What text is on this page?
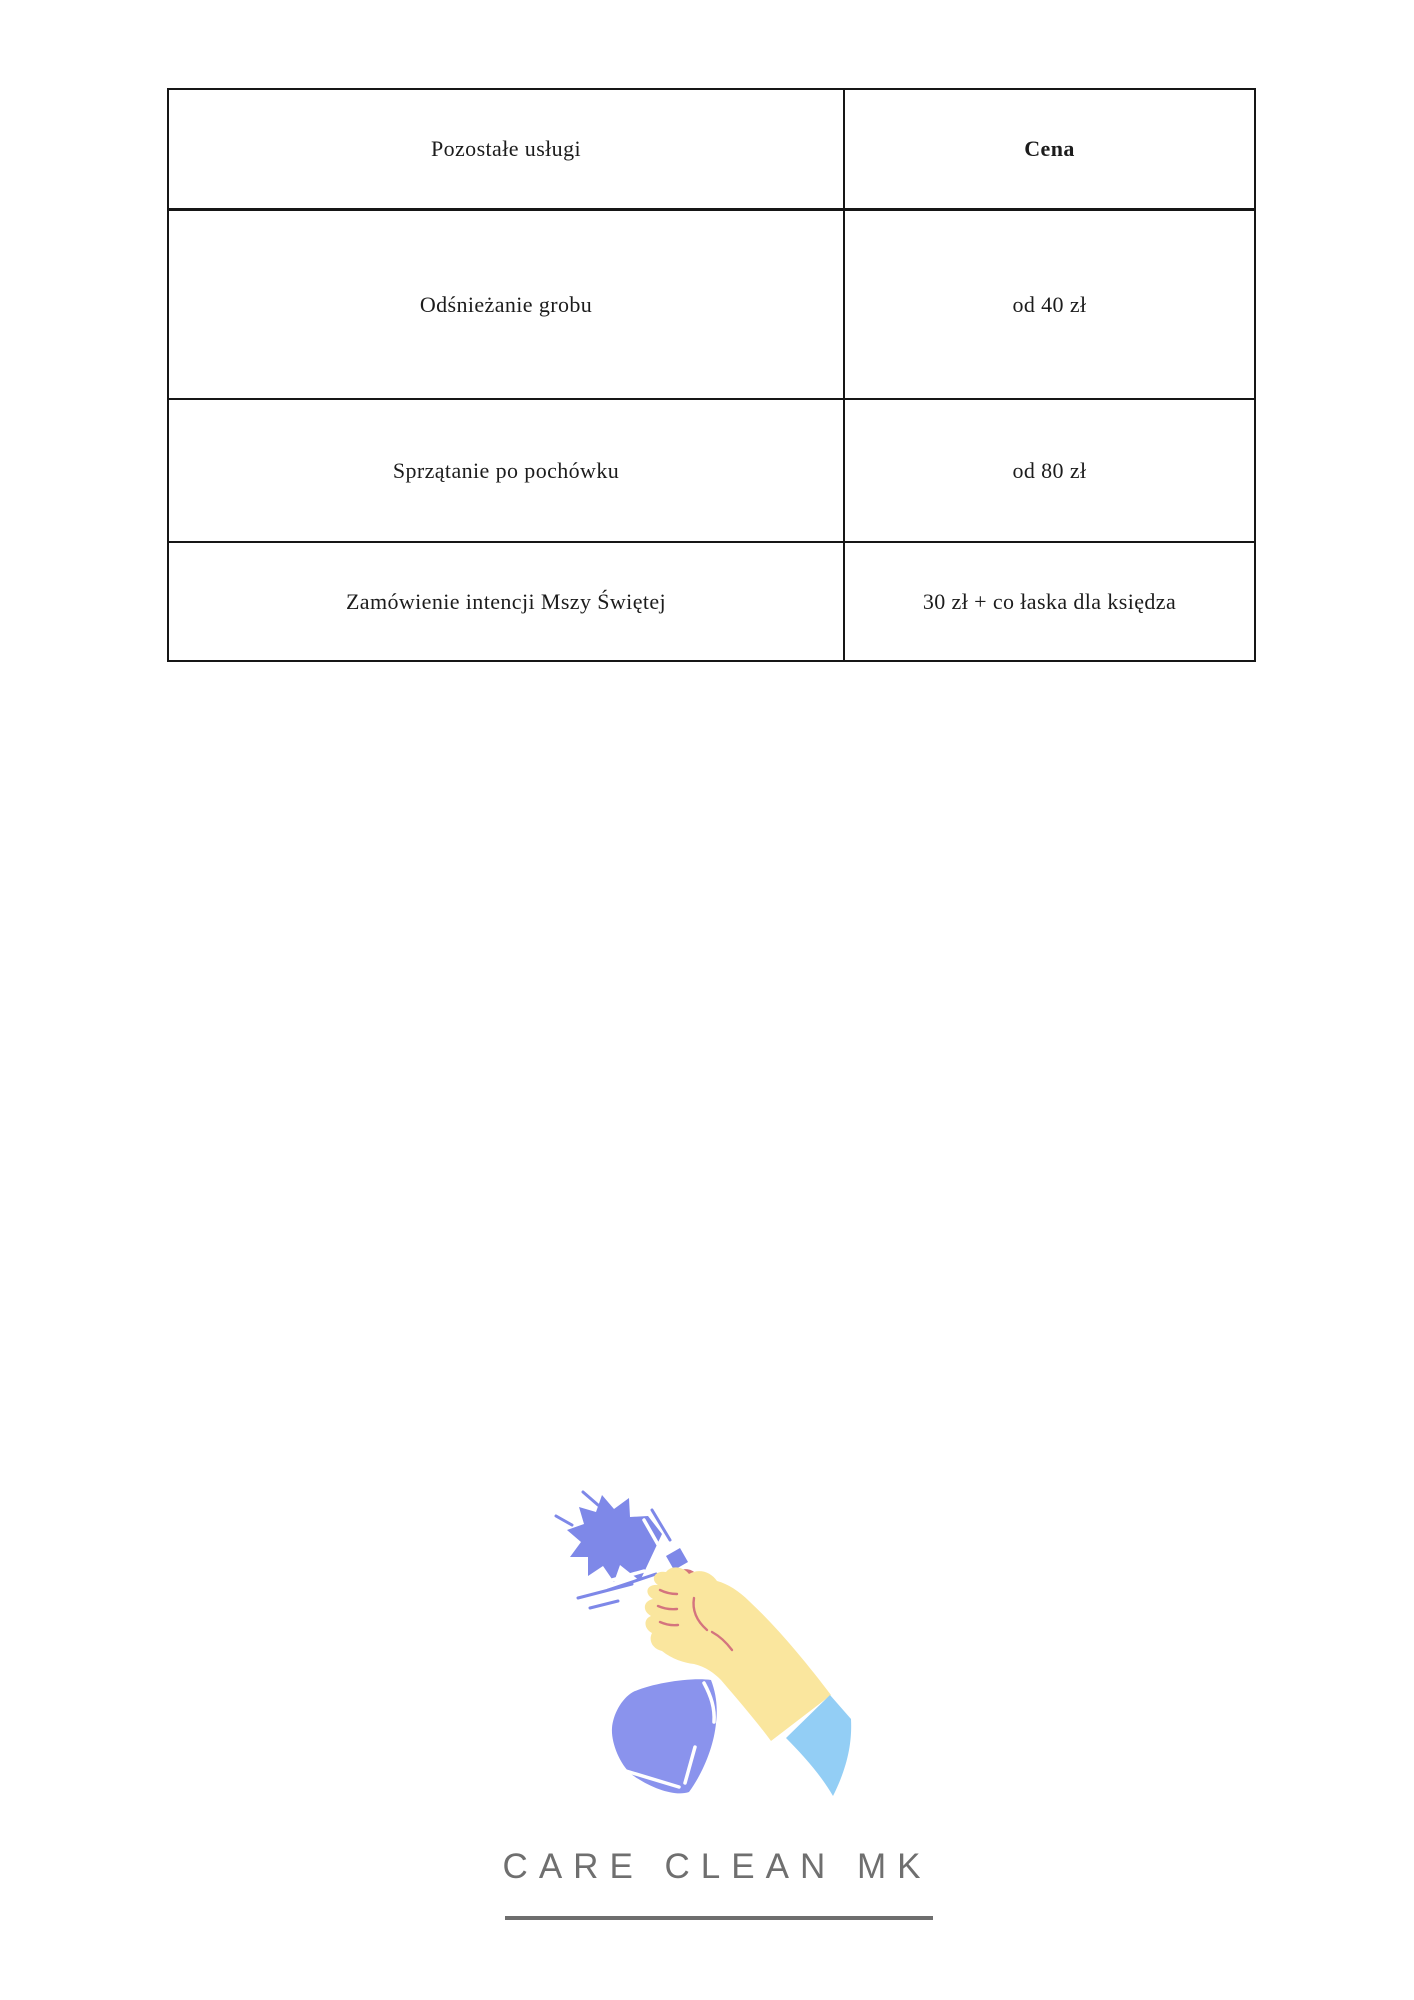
Pozostałe usługi	Cena
Odśnieżanie grobu	od 40 zł
Sprzątanie po pochówku	od 80 zł
Zamówienie intencji Mszy Świętej	30 zł + co łaska dla księdza
CARE CLEAN MK
